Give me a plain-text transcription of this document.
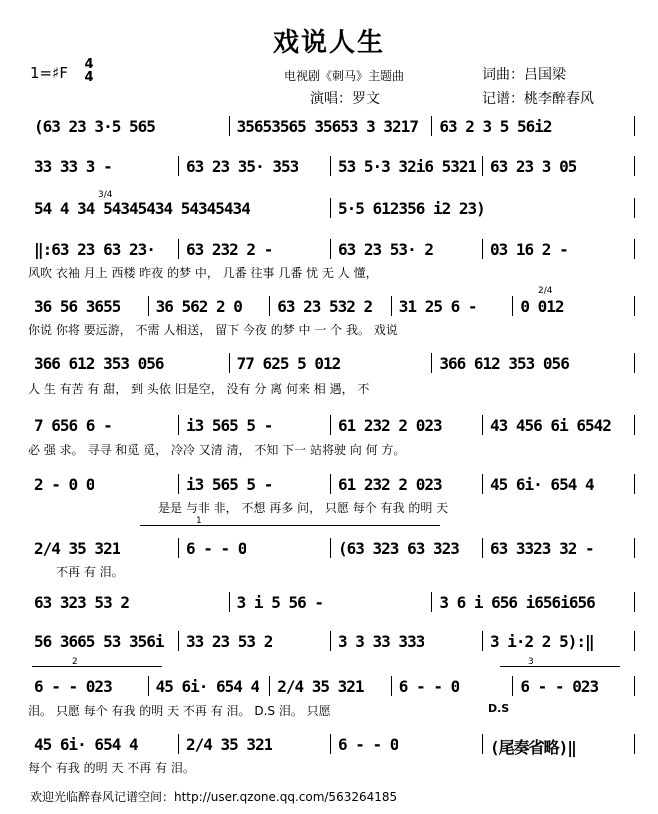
戏说人生
1=♯F 4
4	电视剧《刺马》主题曲
演唱：罗文
词曲：吕国梁
记谱：桃李醉春风
(63 23 3·5 565	35653565 35653 3 3217 63 2 3 5 56i2
33 33 3 -	63 23 35· 353 53 5·3 32i6 5321 63 23 3 05
54 4 34 54345434 54345434	5·5 612356 i2 23)
‖:63 23 63 23· 63 232 2 -	63 23 53· 2	03 16 2 -
36 56 3655 36 562 2 0 63 23 532 2 31 25 6 -	0 012
366 612 353 056	77 625 5 012	366 612 353 056
7 656 6 -	i3 565 5 -	61 232 2 023	43 456 6i 6542
2 - 0 0	i3 565 5 -	61 232 2 023	45 6i· 654 4
2/4 35 321	6 - - 0	(63 323 63 323 63 3323 32 -
63 323 53 2	3 i 5 56 -	3 6 i 656 i656i656
56 3665 53 356i 33 23 53 2	3 3 33 333	3 i·2 2 5):‖
6 - - 023	45 6i· 654 4 2/4 35 321 6 - - 0	6 - - 023
45 6i· 654 4	2/4 35 321	6 - - 0	(尾奏省略)‖
风吹 衣袖 月上 西楼 昨夜 的梦 中， 几番 往事 几番 忧 无 人 懂，
你说 你将 要远游， 不需 人相送， 留下 今夜 的梦 中 一 个 我。 戏说
人 生 有苦 有 甜， 到 头依 旧是空， 没有 分 离 何来 相 遇， 不
必 强 求。 寻寻 和觅 觅， 冷冷 又清 清， 不知 下一 站将驶 向 何 方。
是是 与非 非， 不想 再多 问， 只愿 每个 有我 的明 天
不再 有 泪。
泪。 只愿 每个 有我 的明 天 不再 有 泪。 D.S 泪。 只愿
每个 有我 的明 天 不再 有 泪。
1
2	3
3/4
2/4
D.S
欢迎光临醉春风记谱空间：http://user.qzone.qq.com/563264185
